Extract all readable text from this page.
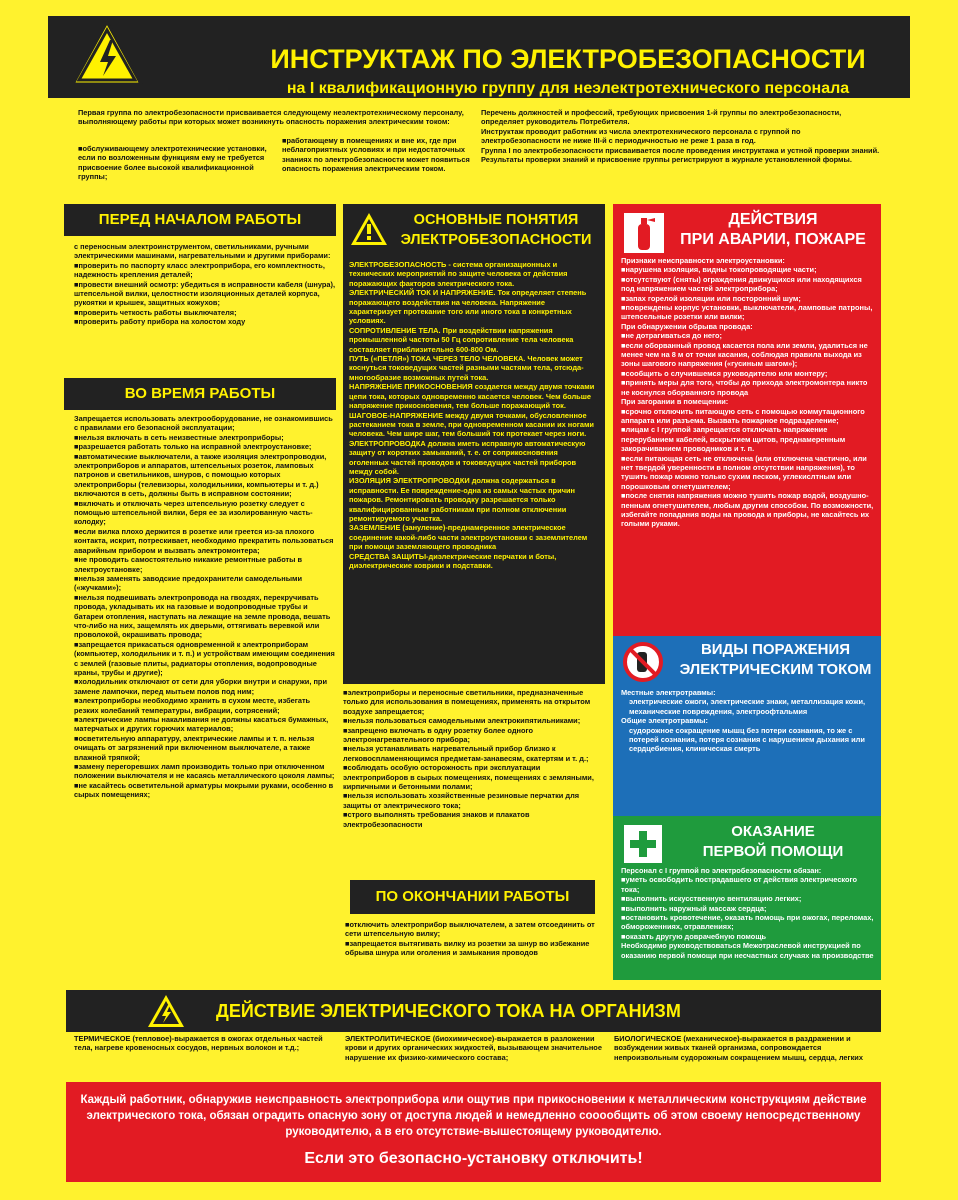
ИНСТРУКТАЖ ПО ЭЛЕКТРОБЕЗОПАСНОСТИ
на I квалификационную группу для неэлектротехнического персонала
Первая группа по электробезопасности присваивается следующему неэлектротехническому персоналу, выполняющему работы при которых может возникнуть опасность поражения электрическим током:
■ обслуживающему электротехнические установки, если по возложенным функциям ему не требуется присвоение более высокой квалификационной группы;
■ работающему в помещениях и вне их, где при неблагоприятных условиях и при недостаточных знаниях по электробезопасности может появиться опасность поражения электрическим током.

Перечень должностей и профессий, требующих присвоения 1-й группы по электробезопасности, определяет руководитель Потребителя.

Инструктаж проводит работник из числа электротехнического персонала с группой по электробезопасности не ниже III-й с периодичностью не реже 1 раза в год.

Группа I по электробезопасности присваивается после проведения инструктажа и устной проверки знаний. Результаты проверки знаний и присвоение группы регистрируют в журнале установленной формы.

ПЕРЕД НАЧАЛОМ РАБОТЫ

с переносным электроинструментом, светильниками, ручными электрическими машинами, нагревательными и другими приборами:

■ проверить по паспорту класс электроприбора, его комплектность, надежность крепления деталей;
■ провести внешний осмотр: убедиться в исправности кабеля (шнура), штепсельной вилки, целостности изоляционных деталей корпуса, рукоятки и крышек, защитных кожухов;
■ проверить четкость работы выключателя;
■ проверить работу прибора на холостом ходу
ВО ВРЕМЯ РАБОТЫ

Запрещается использовать электрооборудование, не ознакомившись с правилами его безопасной эксплуатации;

■ нельзя включать в сеть неизвестные электроприборы;
■ разрешается работать только на исправной электроустановке;
■ автоматические выключатели, а также изоляция электропроводки, электроприборов и аппаратов, штепсельных розеток, ламповых патронов и светильников, шнуров, с помощью которых электроприборы (телевизоры, холодильники, компьютеры и т. д.) включаются в сеть, должны быть в исправном состоянии;
■ включать и отключать через штепсельную розетку следует с помощью штепсельной вилки, беря ее за изолированную часть-колодку;
■ если вилка плохо держится в розетке или греется из-за плохого контакта, искрит, потрескивает, необходимо прекратить пользоваться аварийным прибором и вызвать электромонтера;
■ не проводить самостоятельно никакие ремонтные работы в электроустановке;
■ нельзя заменять заводские предохранители самодельными («жучками»);
■ нельзя подвешивать электропровода на гвоздях, перекручивать провода, укладывать их на газовые и водопроводные трубы и батареи отопления, наступать на лежащие на земле провода, вешать что-либо на них, защемлять их дверьми, оттягивать веревкой или проволокой, окрашивать провода;
■ запрещается прикасаться одновременной к электроприборам (компьютер, холодильник и т. п.) и устройствам имеющим соединения с землей (газовые плиты, радиаторы отопления, водопроводные краны, трубы и другие);
■ холодильник отключают от сети для уборки внутри и снаружи, при замене лампочки, перед мытьем полов под ним;
■ электроприборы необходимо хранить в сухом месте, избегать резких колебаний температуры, вибрации, сотрясений;
■ электрические лампы накаливания не должны касаться бумажных, матерчатых и других горючих материалов;
■ осветительную аппаратуру, электрические лампы и т. п. нельзя очищать от загрязнений при включенном выключателе, а также влажной тряпкой;
■ замену перегоревших ламп производить только при отключенном положении выключателя и не касаясь металлического цоколя лампы;
■ не касайтесь осветительной арматуры мокрыми руками, особенно в сырых помещениях;
ОСНОВНЫЕ ПОНЯТИЯ
ЭЛЕКТРОБЕЗОПАСНОСТИ

ЭЛЕКТРОБЕЗОПАСНОСТЬ - система организационных и технических мероприятий по защите человека от действия поражающих факторов электрического тока.

ЭЛЕКТРИЧЕСКИЙ ТОК И НАПРЯЖЕНИЕ. Ток определяет степень поражающего воздействия на человека. Напряжение характеризует протекание того или иного тока в конкретных условиях.

СОПРОТИВЛЕНИЕ ТЕЛА. При воздействии напряжения промышленной частоты 50 Гц сопротивление тела человека составляет приблизительно 600-800 Ом.

ПУТЬ («ПЕТЛЯ») ТОКА ЧЕРЕЗ ТЕЛО ЧЕЛОВЕКА. Человек может коснуться токоведущих частей разными частями тела, отсюда-многообразие возможных путей тока.

НАПРЯЖЕНИЕ ПРИКОСНОВЕНИЯ создается между двумя точками цепи тока, которых одновременно касается человек. Чем больше напряжение прикосновения, тем больше поражающий ток.

ШАГОВОЕ-НАПРЯЖЕНИЕ между двумя точками, обусловленное растеканием тока в земле, при одновременном касании их ногами человека. Чем шире шаг, тем больший ток протекает через ноги.

ЭЛЕКТРОПРОВОДКА должна иметь исправную автоматическую защиту от коротких замыканий, т. е. от соприкосновения оголенных частей проводов и токоведущих частей приборов между собой.

ИЗОЛЯЦИЯ ЭЛЕКТРОПРОВОДКИ должна содержаться в исправности. Ее повреждение-одна из самых частых причин пожаров. Ремонтировать проводку разрешается только квалифицированным работникам при полном отключении ремонтируемого участка.

ЗАЗЕМЛЕНИЕ (зануление)-преднамеренное электрическое соединение какой-либо части электроустановки с заземлителем при помощи заземляющего проводника

СРЕДСТВА ЗАЩИТЫ-диэлектрические перчатки и боты, диэлектрические коврики и подставки.

■ электроприборы и переносные светильники, предназначенные только для использования в помещениях, применять на открытом воздухе запрещается;
■ нельзя пользоваться самодельными электрокипятильниками;
■ запрещено включать в одну розетку более одного электронагревательного прибора;
■ нельзя устанавливать нагревательный прибор близко к легковоспламеняющимся предметам-занавесям, скатертям и т. д.;
■ соблюдать особую осторожность при эксплуатации электроприборов в сырых помещениях, помещениях с земляными, кирпичными и бетонными полами;
■ нельзя использовать хозяйственные резиновые перчатки для защиты от электрического тока;
■ строго выполнять требования знаков и плакатов электробезопасности
ПО ОКОНЧАНИИ РАБОТЫ
■ отключить электроприбор выключателем, а затем отсоединить от сети штепсельную вилку;
■ запрещается вытягивать вилку из розетки за шнур во избежание обрыва шнура или оголения и замыкания проводов
ДЕЙСТВИЯ
ПРИ АВАРИИ, ПОЖАРЕ

Признаки неисправности электроустановки:

■ нарушена изоляция, видны токопроводящие части;
■ отсутствуют (сняты) ограждения движущихся или находящихся под напряжением частей электроприбора;
■ запах горелой изоляции или посторонний шум;
■ повреждены корпус установки, выключатели, ламповые патроны, штепсельные розетки или вилки;

При обнаружении обрыва провода:

■ не дотрагиваться до него;
■ если оборванный провод касается пола или земли, удалиться не менее чем на 8 м от точки касания, соблюдая правила выхода из зоны шагового напряжения («гусиным шагом»);
■ сообщить о случившемся руководителю или монтеру;
■ принять меры для того, чтобы до прихода электромонтера никто не коснулся оборванного провода

При загорании в помещении:

■ срочно отключить питающую сеть с помощью коммутационного аппарата или разъема. Вызвать пожарное подразделение;
■ лицам с I группой запрещается отключать напряжение перерубанием кабелей, вскрытием щитов, преднамеренным закорачиванием проводников и т. п.
■ если питающая сеть не отключена (или отключена частично, или нет твердой уверенности в полном отсутствии напряжения), то тушить пожар можно только сухим песком, углекислтным или порошковым огнетушителем;
■ после снятия напряжения можно тушить пожар водой, воздушно-пенным огнетушителем, любым другим способом. По возможности, избегайте попадания воды на провода и приборы, не касайтесь их голыми руками.
ВИДЫ ПОРАЖЕНИЯ
ЭЛЕКТРИЧЕСКИМ ТОКОМ

Местные электротравмы:

электрические ожоги, электрические знаки, металлизация кожи, механические повреждения, электроофтальмия

Общие электротравмы:

судорожное сокращение мышц без потери сознания, то же с потерей сознания, потеря сознания с нарушением дыхания или сердцебиения, клиническая смерть

ОКАЗАНИЕ
ПЕРВОЙ ПОМОЩИ

Персонал с I группой по электробезопасности обязан:

■ уметь освободить пострадавшего от действия электрического тока;
■ выполнить искусственную вентиляцию легких;
■ выполнить наружный массаж сердца;
■ остановить кровотечение, оказать помощь при ожогах, переломах, обмороженниях, отравлениях;
■ оказать другую доврачебную помощь

Необходимо руководствоваться Межотраслевой инструкцией по оказанию первой помощи при несчастных случаях на производстве

ДЕЙСТВИЕ ЭЛЕКТРИЧЕСКОГО ТОКА НА ОРГАНИЗМ
ТЕРМИЧЕСКОЕ (тепловое)-выражается в ожогах отдельных частей тела, нагреве кровеносных сосудов, нервных волокон и т.д.;
ЭЛЕКТРОЛИТИЧЕСКОЕ (биохимическое)-выражается в разложении крови и других органических жидкостей, вызывающем значительное нарушение их физико-химического состава;
БИОЛОГИЧЕСКОЕ (механическое)-выражается в раздражении и возбуждении живых тканей организма, сопровождается непроизвольным судорожным сокращением мышц, сердца, легких
Каждый работник, обнаружив неисправность электроприбора или ощутив при прикосновении к металлическим конструкциям действие электрического тока, обязан оградить опасную зону от доступа людей и немедленно сооообщить об этом своему непосредственному руководителю, а в его отсутствие-вышестоящему руководителю.
Если это безопасно-установку отключить!
